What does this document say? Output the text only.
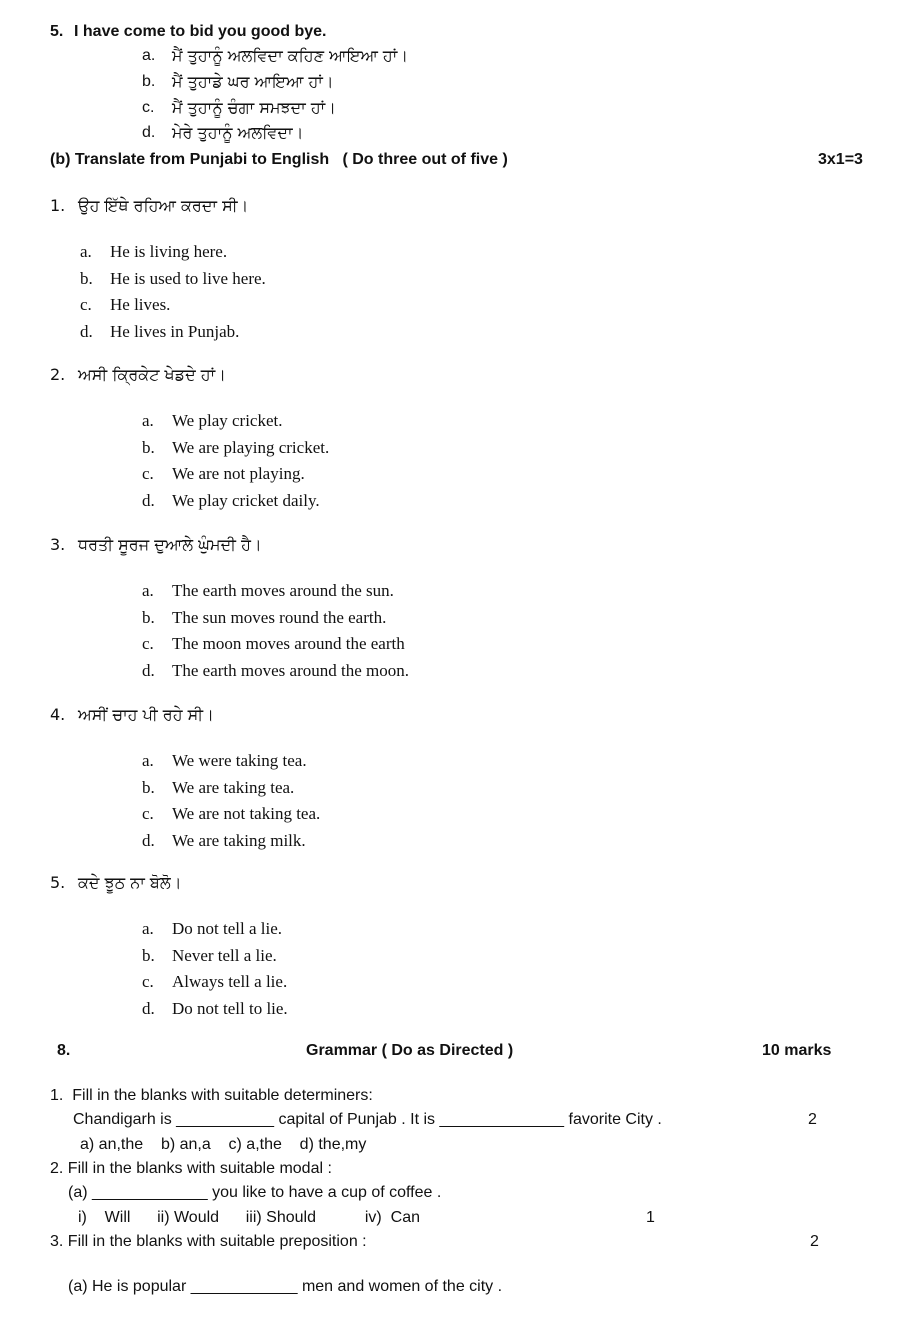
5. I have come to bid you good bye.
a. ਮੈਂ ਤੁਹਾਨੂੰ ਅਲਵਿਦਾ ਕਹਿਣ ਆਇਆ ਹਾਂ।
b. ਮੈਂ ਤੁਹਾਡੇ ਘਰ ਆਇਆ ਹਾਂ।
c. ਮੈਂ ਤੁਹਾਨੂੰ ਚੰਗਾ ਸਮਝਦਾ ਹਾਂ।
d. ਮੇਰੇ ਤੁਹਾਨੂੰ ਅਲਵਿਦਾ।
(b) Translate from Punjabi to English   ( Do three out of five )	3x1=3
1. ਉਹ ਇੱਥੇ ਰਹਿਆ ਕਰਦਾ ਸੀ।
a. He is living here.
b. He is used to live here.
c. He lives.
d. He lives in Punjab.
2. ਅਸੀ ਕ੍ਰਿਕੇਟ ਖੇਡਦੇ ਹਾਂ।
a. We play cricket.
b. We are playing cricket.
c. We are not playing.
d. We play cricket daily.
3. ਧਰਤੀ ਸੂਰਜ ਦੁਆਲੇ ਘੁੰਮਦੀ ਹੈ।
a. The earth moves around the sun.
b. The sun moves round the earth.
c. The moon moves around the earth
d. The earth moves around the moon.
4. ਅਸੀਂ ਚਾਹ ਪੀ ਰਹੇ ਸੀ।
a. We were taking tea.
b. We are taking tea.
c. We are not taking tea.
d. We are taking milk.
5. ਕਦੇ ਝੂਠ ਨਾ ਬੋਲੋ।
a. Do not tell a lie.
b. Never tell a lie.
c. Always tell a lie.
d. Do not tell to lie.
8.	Grammar ( Do as Directed )	10 marks
1.  Fill in the blanks with suitable determiners:
Chandigarh is ___________ capital of Punjab . It is ______________ favorite City .	2
a) an,the    b) an,a    c) a,the    d) the,my
2. Fill in the blanks with suitable modal :
(a) _____________ you like to have a cup of coffee .
i)    Will      ii) Would      iii) Should           iv)  Can	1
3. Fill in the blanks with suitable preposition :	2
(a) He is popular ____________ men and women of the city .
